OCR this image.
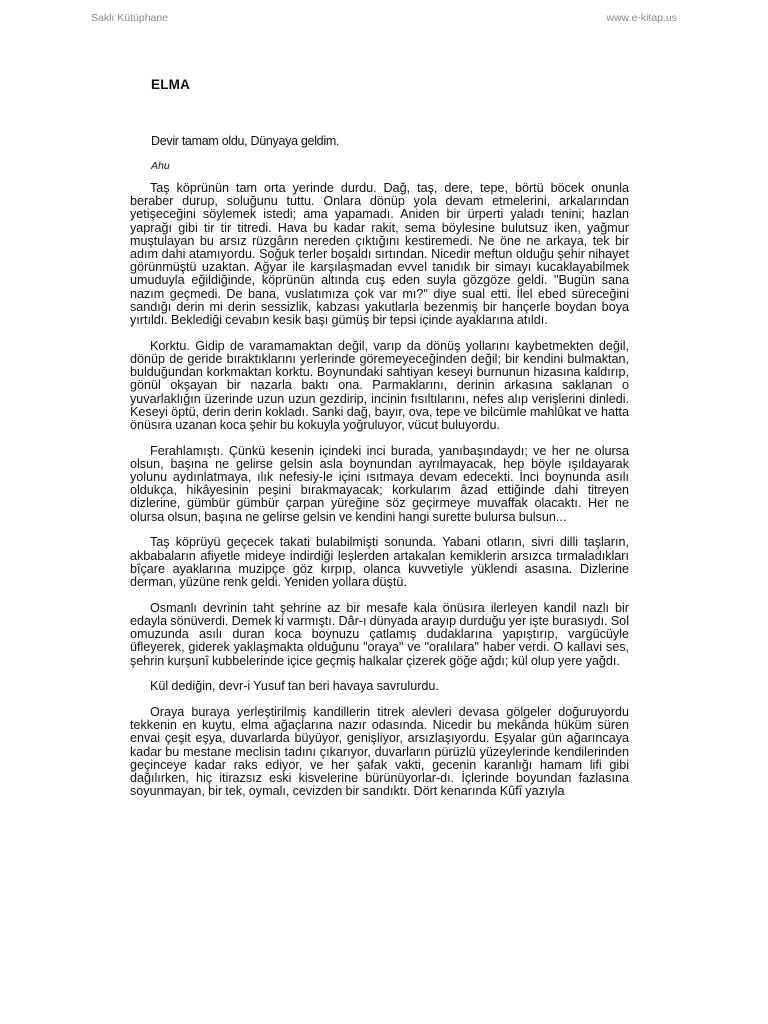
Saklı Kütüphane	www.e-kitap.us
ELMA
Devir tamam oldu, Dünyaya geldim.
Ahu

Taş köprünün tam orta yerinde durdu. Dağ, taş, dere, tepe, börtü böcek onunla beraber durup, soluğunu tuttu. Onlara dönüp yola devam etmelerini, arkalarından yetişeceğini söylemek istedi; ama yapamadı. Aniden bir ürperti yaladı tenini; hazlan yaprağı gibi tir tir titredi. Hava bu kadar rakit, sema böylesine bulutsuz iken, yağmur muştulayan bu arsız rüzgârın nereden çıktığını kestiremedi. Ne öne ne arkaya, tek bir adım dahi atamıyordu. Soğuk terler boşaldı sırtından. Nicedir meftun olduğu şehir nihayet görünmüştü uzaktan. Ağyar ile karşılaşmadan evvel tanıdık bir simayı kucaklayabilmek umuduyla eğildiğinde, köprünün altında cuş eden suyla gözgöze geldi. "Bugün sana nazım geçmedi. De bana, vuslatımıza çok var mı?" diye sual etti. İlel ebed süreceğini sandığı derin mi derin sessizlik, kabzası yakutlarla bezenmiş bir hançerle boydan boya yırtıldı. Beklediği cevabın kesik başı gümüş bir tepsi içinde ayaklarına atıldı.

Korktu. Gidip de varamamaktan değil, varıp da dönüş yollarını kaybetmekten değil, dönüp de geride bıraktıklarını yerlerinde göremeyeceğinden değil; bir kendini bulmaktan, bulduğundan korkmaktan korktu. Boynundaki sahtiyan keseyi burnunun hizasına kaldırıp, gönül okşayan bir nazarla baktı ona. Parmaklarını, derinin arkasına saklanan o yuvarlaklığın üzerinde uzun uzun gezdirip, incinin fısıltılarını, nefes alıp verişlerini dinledi. Keseyi öptü, derin derin kokladı. Sanki dağ, bayır, ova, tepe ve bilcümle mahlûkat ve hatta önüsıra uzanan koca şehir bu kokuyla yoğruluyor, vücut buluyordu.

Ferahlamıştı. Çünkü kesenin içindeki inci burada, yanıbaşındaydı; ve her ne olursa olsun, başına ne gelirse gelsin asla boynundan ayrılmayacak, hep böyle ışıldayarak yolunu aydınlatmaya, ılık nefesiy-le içini ısıtmaya devam edecekti. İnci boynunda asılı oldukça, hikâyesinin peşini bırakmayacak; korkularım âzad ettiğinde dahi titreyen dizlerine, gümbür gümbür çarpan yüreğine söz geçirmeye muvaffak olacaktı. Her ne olursa olsun, başına ne gelirse gelsin ve kendini hangi surette bulursa bulsun...

Taş köprüyü geçecek takati bulabilmişti sonunda. Yabani otların, sivri dilli taşların, akbabaların afiyetle mideye indirdiği leşlerden artakalan kemiklerin arsızca tırmaladıkları bîçare ayaklarına muzipçe göz kırpıp, olanca kuvvetiyle yüklendi asasına. Dizlerine derman, yüzüne renk geldi. Yeniden yollara düştü.

Osmanlı devrinin taht şehrine az bir mesafe kala önüsıra ilerleyen kandil nazlı bir edayla sönüverdi. Demek ki varmıştı. Dâr-ı dünyada arayıp durduğu yer işte burasıydı. Sol omuzunda asılı duran koca boynuzu çatlamış dudaklarına yapıştırıp, vargücüyle üfleyerek, giderek yaklaşmakta olduğunu "oraya" ve "oralılara" haber verdi. O kallavi ses, şehrin kurşunî kubbelerinde içice geçmiş halkalar çizerek göğe ağdı; kül olup yere yağdı.

Kül dediğin, devr-i Yusuf tan beri havaya savrulurdu.

Oraya buraya yerleştirilmiş kandillerin titrek alevleri devasa gölgeler doğuruyordu tekkenin en kuytu, elma ağaçlarına nazır odasında. Nicedir bu mekânda hüküm süren envai çeşit eşya, duvarlarda büyüyor, genişliyor, arsızlaşıyordu. Eşyalar gün ağarıncaya kadar bu mestane meclisin tadını çıkarıyor, duvarların pürüzlü yüzeylerinde kendilerinden geçinceye kadar raks ediyor, ve her şafak vakti, gecenin karanlığı hamam lifi gibi dağılırken, hiç itirazsız eski kisvelerine bürünüyorlar-dı. İçlerinde boyundan fazlasına soyunmayan, bir tek, oymalı, cevizden bir sandıktı. Dört kenarında Kûfî yazıyla
